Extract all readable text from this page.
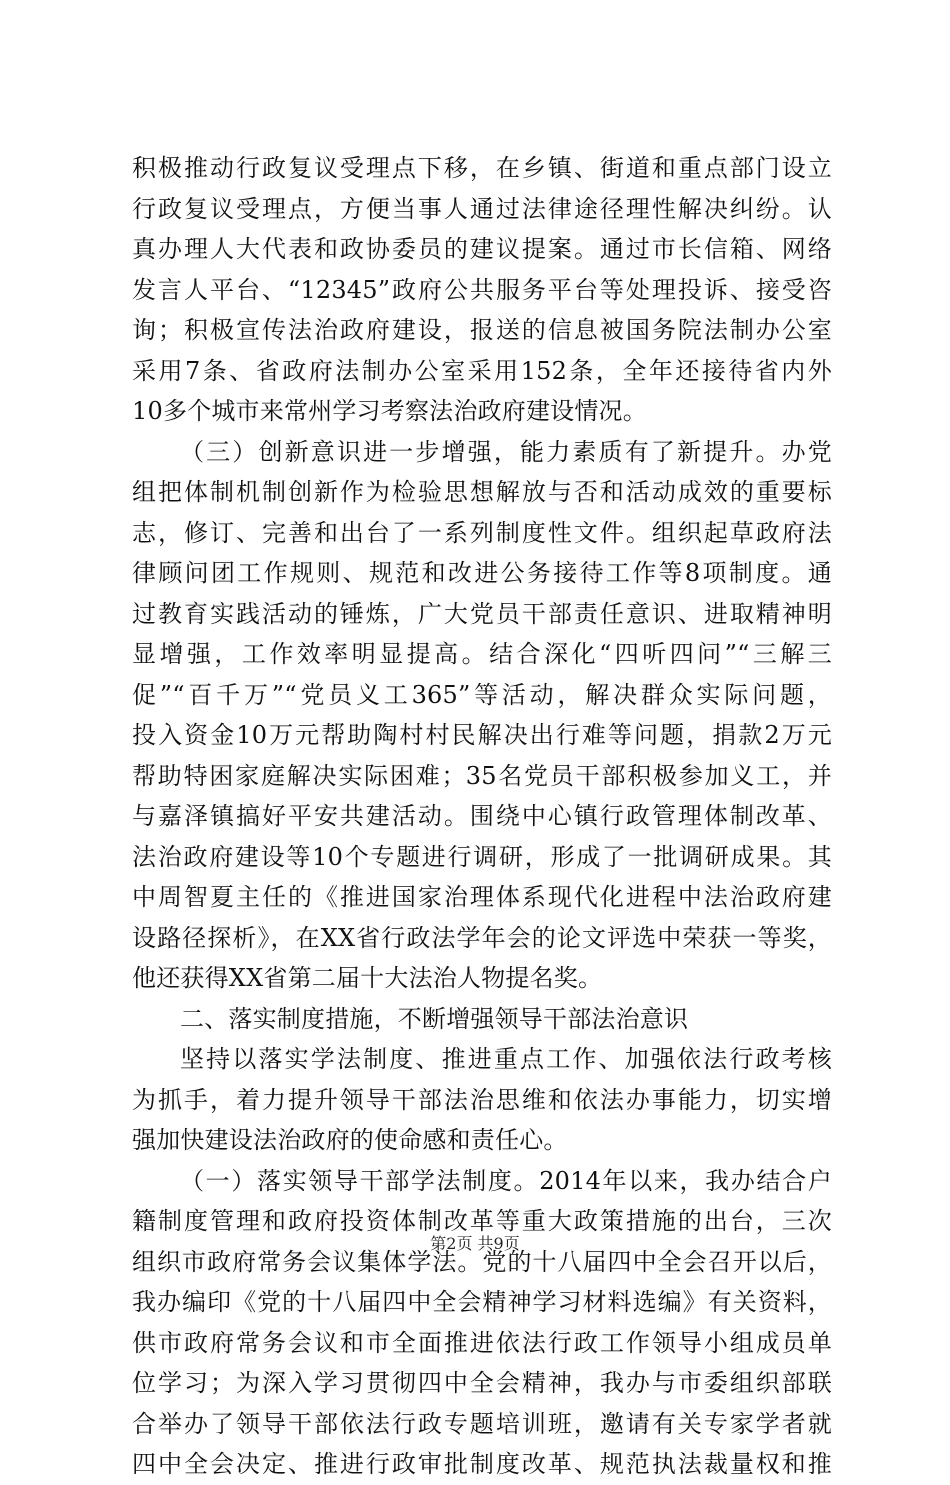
积极推动行政复议受理点下移，在乡镇、街道和重点部门设立
行政复议受理点，方便当事人通过法律途径理性解决纠纷。认
真办理人大代表和政协委员的建议提案。通过市长信箱、网络
发言人平台、“12345”政府公共服务平台等处理投诉、接受咨
询；积极宣传法治政府建设，报送的信息被国务院法制办公室
采用7条、省政府法制办公室采用152条，全年还接待省内外
10多个城市来常州学习考察法治政府建设情况。
（三）创新意识进一步增强，能力素质有了新提升。办党
组把体制机制创新作为检验思想解放与否和活动成效的重要标
志，修订、完善和出台了一系列制度性文件。组织起草政府法
律顾问团工作规则、规范和改进公务接待工作等8项制度。通
过教育实践活动的锤炼，广大党员干部责任意识、进取精神明
显增强，工作效率明显提高。结合深化“四听四问”“三解三
促”“百千万”“党员义工365”等活动，解决群众实际问题，
投入资金10万元帮助陶村村民解决出行难等问题，捐款2万元
帮助特困家庭解决实际困难；35名党员干部积极参加义工，并
与嘉泽镇搞好平安共建活动。围绕中心镇行政管理体制改革、
法治政府建设等10个专题进行调研，形成了一批调研成果。其
中周智夏主任的《推进国家治理体系现代化进程中法治政府建
设路径探析》，在XX省行政法学年会的论文评选中荣获一等奖，
他还获得XX省第二届十大法治人物提名奖。
二、落实制度措施，不断增强领导干部法治意识
坚持以落实学法制度、推进重点工作、加强依法行政考核
为抓手，着力提升领导干部法治思维和依法办事能力，切实增
强加快建设法治政府的使命感和责任心。
（一）落实领导干部学法制度。2014年以来，我办结合户
籍制度管理和政府投资体制改革等重大政策措施的出台，三次
组织市政府常务会议集体学法。党的十八届四中全会召开以后，
我办编印《党的十八届四中全会精神学习材料选编》有关资料，
供市政府常务会议和市全面推进依法行政工作领导小组成员单
位学习；为深入学习贯彻四中全会精神，我办与市委组织部联
合举办了领导干部依法行政专题培训班，邀请有关专家学者就
四中全会决定、推进行政审批制度改革、规范执法裁量权和推
第2页 共9页
